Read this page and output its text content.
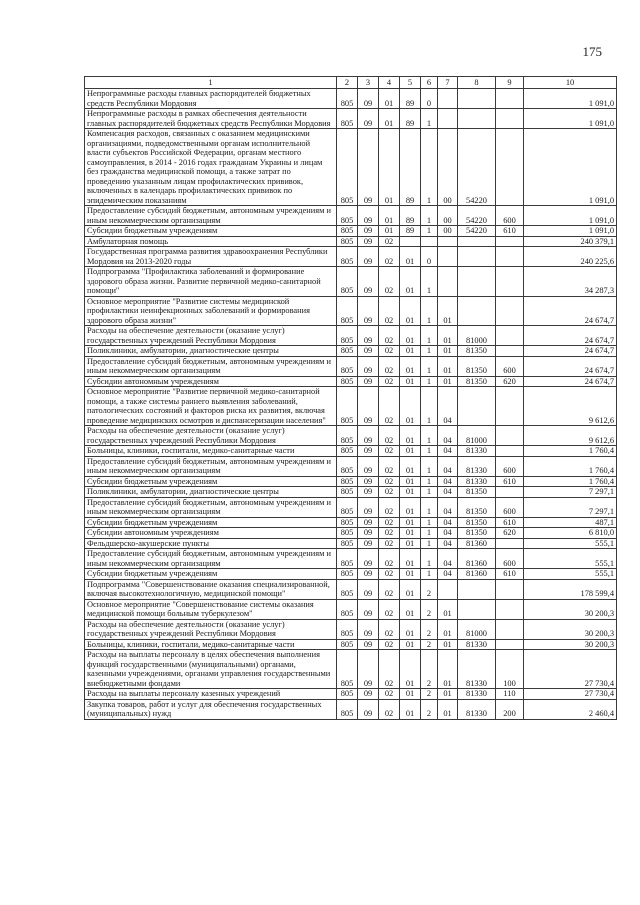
175
1	2	3	4	5	6	7	8	9	10
Непрограммные расходы главных распорядителей бюджетных средств Республики Мордовия	805	09	01	89	0				1 091,0
Непрограммные расходы в рамках обеспечения деятельности главных распорядителей бюджетных средств Республики Мордовия	805	09	01	89	1				1 091,0
Компенсация расходов, связанных с оказанием медицинскими организациями, подведомственными органам исполнительной власти субъектов Российской Федерации, органам местного самоуправления, в 2014 - 2016 годах гражданам Украины и лицам без гражданства медицинской помощи, а также затрат по проведению указанным лицам профилактических прививок, включенных в календарь профилактических прививок по эпидемическим показаниям	805	09	01	89	1	00	54220		1 091,0
Предоставление субсидий бюджетным, автономным учреждениям и иным некоммерческим организациям	805	09	01	89	1	00	54220	600	1 091,0
Субсидии бюджетным учреждениям	805	09	01	89	1	00	54220	610	1 091,0
Амбулаторная помощь	805	09	02						240 379,1
Государственная программа развития здравоохранения Республики Мордовия на 2013-2020 годы	805	09	02	01	0				240 225,6
Подпрограмма "Профилактика заболеваний и формирование здорового образа жизни. Развитие первичной медико-санитарной помощи"	805	09	02	01	1				34 287,3
Основное мероприятие "Развитие системы медицинской профилактики неинфекционных заболеваний и формирования здорового образа жизни"	805	09	02	01	1	01			24 674,7
Расходы на обеспечение деятельности (оказание услуг) государственных учреждений Республики Мордовия	805	09	02	01	1	01	81000		24 674,7
Поликлиники, амбулатории, диагностические центры	805	09	02	01	1	01	81350		24 674,7
Предоставление субсидий бюджетным, автономным учреждениям и иным некоммерческим организациям	805	09	02	01	1	01	81350	600	24 674,7
Субсидии автономным учреждениям	805	09	02	01	1	01	81350	620	24 674,7
Основное мероприятие "Развитие первичной медико-санитарной помощи, а также системы раннего выявления заболеваний, патологических состояний и факторов риска их развития, включая проведение медицинских осмотров и диспансеризации населения"	805	09	02	01	1	04			9 612,6
Расходы на обеспечение деятельности (оказание услуг) государственных учреждений Республики Мордовия	805	09	02	01	1	04	81000		9 612,6
Больницы, клиники, госпитали, медико-санитарные части	805	09	02	01	1	04	81330		1 760,4
Предоставление субсидий бюджетным, автономным учреждениям и иным некоммерческим организациям	805	09	02	01	1	04	81330	600	1 760,4
Субсидии бюджетным учреждениям	805	09	02	01	1	04	81330	610	1 760,4
Поликлиники, амбулатории, диагностические центры	805	09	02	01	1	04	81350		7 297,1
Предоставление субсидий бюджетным, автономным учреждениям и иным некоммерческим организациям	805	09	02	01	1	04	81350	600	7 297,1
Субсидии бюджетным учреждениям	805	09	02	01	1	04	81350	610	487,1
Субсидии автономным учреждениям	805	09	02	01	1	04	81350	620	6 810,0
Фельдшерско-акушерские пункты	805	09	02	01	1	04	81360		555,1
Предоставление субсидий бюджетным, автономным учреждениям и иным некоммерческим организациям	805	09	02	01	1	04	81360	600	555,1
Субсидии бюджетным учреждениям	805	09	02	01	1	04	81360	610	555,1
Подпрограмма "Совершенствование оказания специализированной, включая высокотехнологичную, медицинской помощи"	805	09	02	01	2				178 599,4
Основное мероприятие "Совершенствование системы оказания медицинской помощи больным туберкулезом"	805	09	02	01	2	01			30 200,3
Расходы на обеспечение деятельности (оказание услуг) государственных учреждений Республики Мордовия	805	09	02	01	2	01	81000		30 200,3
Больницы, клиники, госпитали, медико-санитарные части	805	09	02	01	2	01	81330		30 200,3
Расходы на выплаты персоналу в целях обеспечения выполнения функций государственными (муниципальными) органами, казенными учреждениями, органами управления государственными внебюджетными фондами	805	09	02	01	2	01	81330	100	27 730,4
Расходы на выплаты персоналу казенных учреждений	805	09	02	01	2	01	81330	110	27 730,4
Закупка товаров, работ и услуг для обеспечения государственных (муниципальных) нужд	805	09	02	01	2	01	81330	200	2 460,4
